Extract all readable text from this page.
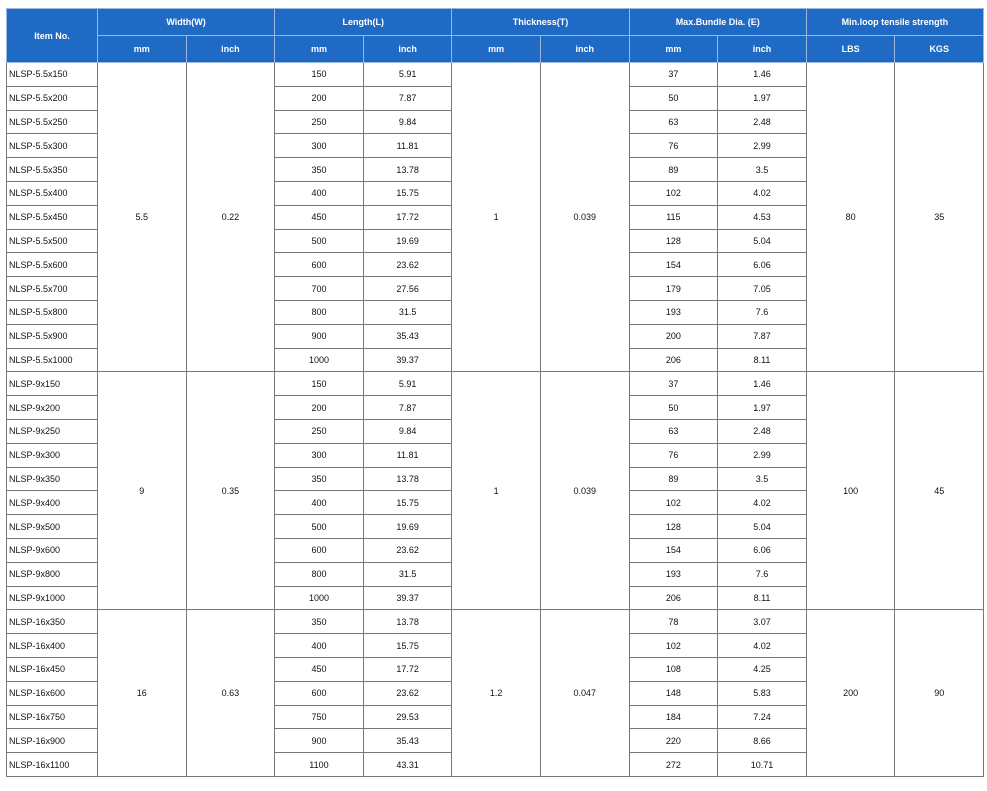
Item No.	Width(W)		Length(L)		Thickness(T)		Max.Bundle Dia. (E)		Min.loop tensile strength	
	mm	inch	mm	inch	mm	inch	mm	inch	LBS	KGS
NLSP-5.5x150	5.5	0.22	150	5.91	1	0.039	37	1.46	80	35
NLSP-5.5x200			200	7.87			50	1.97		
NLSP-5.5x250			250	9.84			63	2.48		
NLSP-5.5x300			300	11.81			76	2.99		
NLSP-5.5x350			350	13.78			89	3.5		
NLSP-5.5x400			400	15.75			102	4.02		
NLSP-5.5x450			450	17.72			115	4.53		
NLSP-5.5x500			500	19.69			128	5.04		
NLSP-5.5x600			600	23.62			154	6.06		
NLSP-5.5x700			700	27.56			179	7.05		
NLSP-5.5x800			800	31.5			193	7.6		
NLSP-5.5x900			900	35.43			200	7.87		
NLSP-5.5x1000			1000	39.37			206	8.11		
NLSP-9x150	9	0.35	150	5.91	1	0.039	37	1.46	100	45
NLSP-9x200			200	7.87			50	1.97		
NLSP-9x250			250	9.84			63	2.48		
NLSP-9x300			300	11.81			76	2.99		
NLSP-9x350			350	13.78			89	3.5		
NLSP-9x400			400	15.75			102	4.02		
NLSP-9x500			500	19.69			128	5.04		
NLSP-9x600			600	23.62			154	6.06		
NLSP-9x800			800	31.5			193	7.6		
NLSP-9x1000			1000	39.37			206	8.11		
NLSP-16x350	16	0.63	350	13.78	1.2	0.047	78	3.07	200	90
NLSP-16x400			400	15.75			102	4.02		
NLSP-16x450			450	17.72			108	4.25		
NLSP-16x600			600	23.62			148	5.83		
NLSP-16x750			750	29.53			184	7.24		
NLSP-16x900			900	35.43			220	8.66		
NLSP-16x1100			1100	43.31			272	10.71		
